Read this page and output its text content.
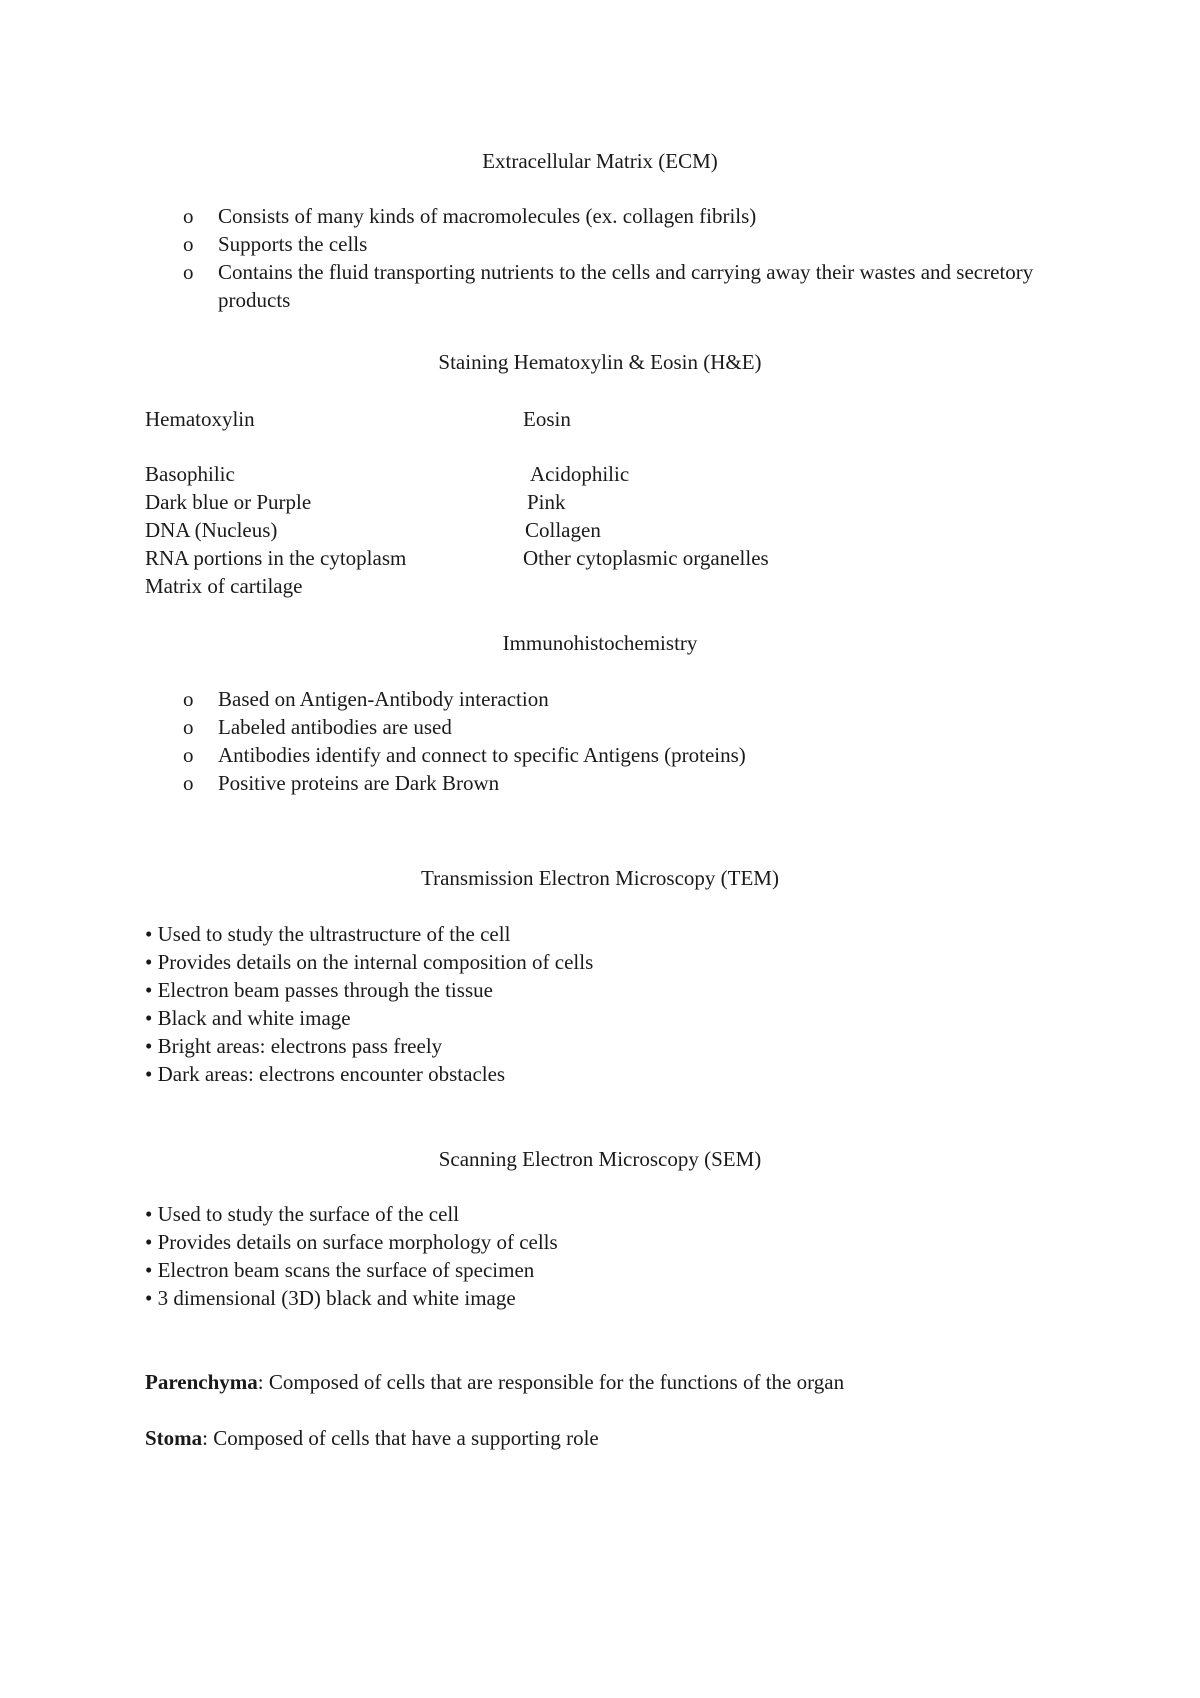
Extracellular Matrix (ECM)
o Consists of many kinds of macromolecules (ex. collagen fibrils)
o Supports the cells
o Contains the fluid transporting nutrients to the cells and carrying away their wastes and secretory products
Staining Hematoxylin & Eosin (H&E)
Hematoxylin	Eosin
Basophilic	Acidophilic
Dark blue or Purple	Pink
DNA (Nucleus)	Collagen
RNA portions in the cytoplasm	Other cytoplasmic organelles
Matrix of cartilage
Immunohistochemistry
o Based on Antigen-Antibody interaction
o Labeled antibodies are used
o Antibodies identify and connect to specific Antigens (proteins)
o Positive proteins are Dark Brown
Transmission Electron Microscopy (TEM)
• Used to study the ultrastructure of the cell
• Provides details on the internal composition of cells
• Electron beam passes through the tissue
• Black and white image
• Bright areas: electrons pass freely
• Dark areas: electrons encounter obstacles
Scanning Electron Microscopy (SEM)
• Used to study the surface of the cell
• Provides details on surface morphology of cells
• Electron beam scans the surface of specimen
• 3 dimensional (3D) black and white image
Parenchyma: Composed of cells that are responsible for the functions of the organ
Stoma: Composed of cells that have a supporting role
